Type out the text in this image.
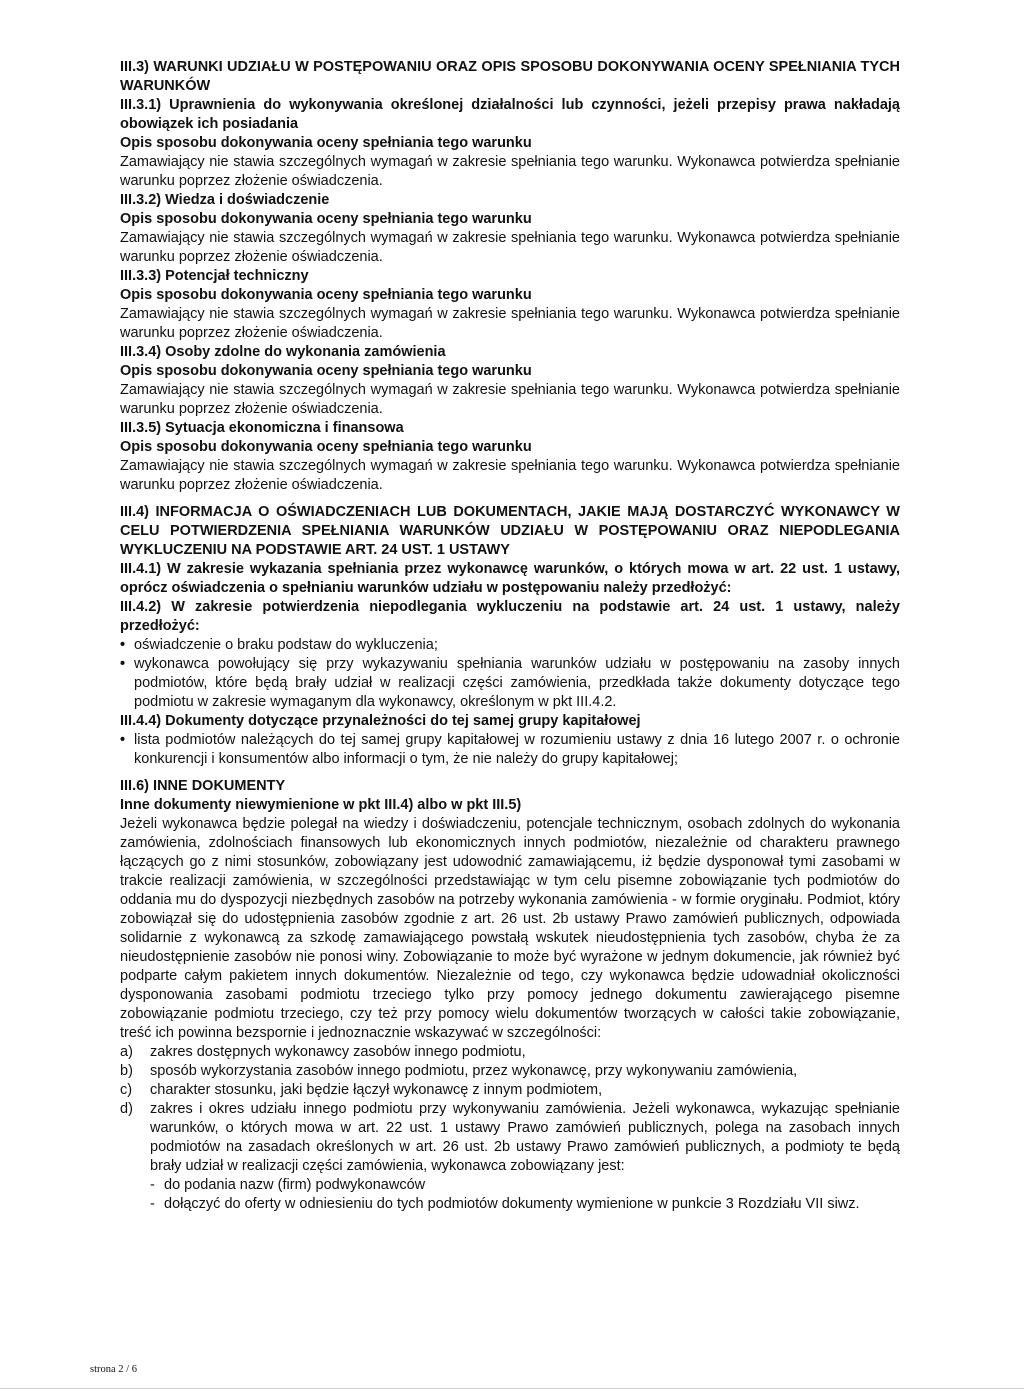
III.3) WARUNKI UDZIAŁU W POSTĘPOWANIU ORAZ OPIS SPOSOBU DOKONYWANIA OCENY SPEŁNIANIA TYCH WARUNKÓW
III.3.1) Uprawnienia do wykonywania określonej działalności lub czynności, jeżeli przepisy prawa nakładają obowiązek ich posiadania
Opis sposobu dokonywania oceny spełniania tego warunku
Zamawiający nie stawia szczególnych wymagań w zakresie spełniania tego warunku. Wykonawca potwierdza spełnianie warunku poprzez złożenie oświadczenia.
III.3.2) Wiedza i doświadczenie
Opis sposobu dokonywania oceny spełniania tego warunku
Zamawiający nie stawia szczególnych wymagań w zakresie spełniania tego warunku. Wykonawca potwierdza spełnianie warunku poprzez złożenie oświadczenia.
III.3.3) Potencjał techniczny
Opis sposobu dokonywania oceny spełniania tego warunku
Zamawiający nie stawia szczególnych wymagań w zakresie spełniania tego warunku. Wykonawca potwierdza spełnianie warunku poprzez złożenie oświadczenia.
III.3.4) Osoby zdolne do wykonania zamówienia
Opis sposobu dokonywania oceny spełniania tego warunku
Zamawiający nie stawia szczególnych wymagań w zakresie spełniania tego warunku. Wykonawca potwierdza spełnianie warunku poprzez złożenie oświadczenia.
III.3.5) Sytuacja ekonomiczna i finansowa
Opis sposobu dokonywania oceny spełniania tego warunku
Zamawiający nie stawia szczególnych wymagań w zakresie spełniania tego warunku. Wykonawca potwierdza spełnianie warunku poprzez złożenie oświadczenia.
III.4) INFORMACJA O OŚWIADCZENIACH LUB DOKUMENTACH, JAKIE MAJĄ DOSTARCZYĆ WYKONAWCY W CELU POTWIERDZENIA SPEŁNIANIA WARUNKÓW UDZIAŁU W POSTĘPOWANIU ORAZ NIEPODLEGANIA WYKLUCZENIU NA PODSTAWIE ART. 24 UST. 1 USTAWY
III.4.1) W zakresie wykazania spełniania przez wykonawcę warunków, o których mowa w art. 22 ust. 1 ustawy, oprócz oświadczenia o spełnianiu warunków udziału w postępowaniu należy przedłożyć:
III.4.2) W zakresie potwierdzenia niepodlegania wykluczeniu na podstawie art. 24 ust. 1 ustawy, należy przedłożyć:
• oświadczenie o braku podstaw do wykluczenia;
• wykonawca powołujący się przy wykazywaniu spełniania warunków udziału w postępowaniu na zasoby innych podmiotów, które będą brały udział w realizacji części zamówienia, przedkłada także dokumenty dotyczące tego podmiotu w zakresie wymaganym dla wykonawcy, określonym w pkt III.4.2.
III.4.4) Dokumenty dotyczące przynależności do tej samej grupy kapitałowej
• lista podmiotów należących do tej samej grupy kapitałowej w rozumieniu ustawy z dnia 16 lutego 2007 r. o ochronie konkurencji i konsumentów albo informacji o tym, że nie należy do grupy kapitałowej;
III.6) INNE DOKUMENTY
Inne dokumenty niewymienione w pkt III.4) albo w pkt III.5)
Jeżeli wykonawca będzie polegał na wiedzy i doświadczeniu, potencjale technicznym, osobach zdolnych do wykonania zamówienia, zdolnościach finansowych lub ekonomicznych innych podmiotów, niezależnie od charakteru prawnego łączących go z nimi stosunków, zobowiązany jest udowodnić zamawiającemu, iż będzie dysponował tymi zasobami w trakcie realizacji zamówienia, w szczególności przedstawiając w tym celu pisemne zobowiązanie tych podmiotów do oddania mu do dyspozycji niezbędnych zasobów na potrzeby wykonania zamówienia - w formie oryginału. Podmiot, który zobowiązał się do udostępnienia zasobów zgodnie z art. 26 ust. 2b ustawy Prawo zamówień publicznych, odpowiada solidarnie z wykonawcą za szkodę zamawiającego powstałą wskutek nieudostępnienia tych zasobów, chyba że za nieudostępnienie zasobów nie ponosi winy. Zobowiązanie to może być wyrażone w jednym dokumencie, jak również być podparte całym pakietem innych dokumentów. Niezależnie od tego, czy wykonawca będzie udowadniał okoliczności dysponowania zasobami podmiotu trzeciego tylko przy pomocy jednego dokumentu zawierającego pisemne zobowiązanie podmiotu trzeciego, czy też przy pomocy wielu dokumentów tworzących w całości takie zobowiązanie, treść ich powinna bezspornie i jednoznacznie wskazywać w szczególności:
a) zakres dostępnych wykonawcy zasobów innego podmiotu,
b) sposób wykorzystania zasobów innego podmiotu, przez wykonawcę, przy wykonywaniu zamówienia,
c) charakter stosunku, jaki będzie łączył wykonawcę z innym podmiotem,
d) zakres i okres udziału innego podmiotu przy wykonywaniu zamówienia. Jeżeli wykonawca, wykazując spełnianie warunków, o których mowa w art. 22 ust. 1 ustawy Prawo zamówień publicznych, polega na zasobach innych podmiotów na zasadach określonych w art. 26 ust. 2b ustawy Prawo zamówień publicznych, a podmioty te będą brały udział w realizacji części zamówienia, wykonawca zobowiązany jest:
- do podania nazw (firm) podwykonawców
- dołączyć do oferty w odniesieniu do tych podmiotów dokumenty wymienione w punkcie 3 Rozdziału VII siwz.
strona 2 / 6
